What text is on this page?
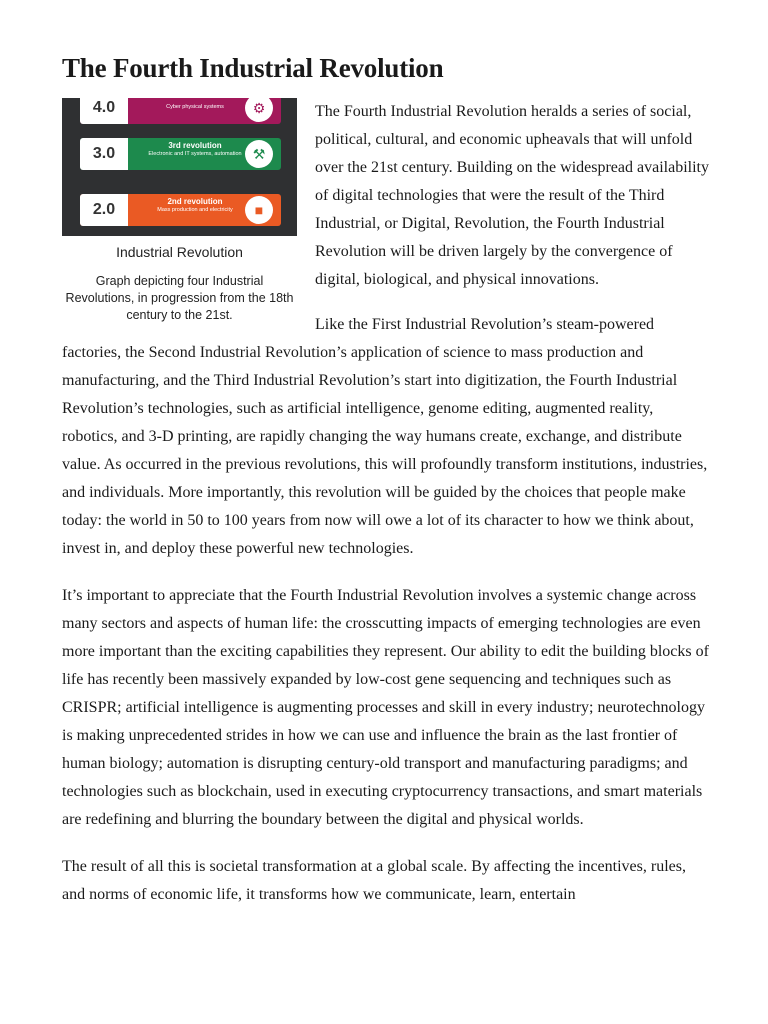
The Fourth Industrial Revolution
4.0	Cyber physical systems	⚙
3.0	3rd revolution
Electronic and IT systems, automation ⚒
2.0	2nd revolution
Mass production and electricity	■
Industrial Revolution
Graph depicting four Industrial Revolutions, in progression from the 18th century to the 21st.

The Fourth Industrial Revolution heralds a series of social, political, cultural, and economic upheavals that will unfold over the 21st century. Building on the widespread availability of digital technologies that were the result of the Third Industrial, or Digital, Revolution, the Fourth Industrial Revolution will be driven largely by the convergence of digital, biological, and physical innovations.

Like the First Industrial Revolution’s steam-powered factories, the Second Industrial Revolution’s application of science to mass production and manufacturing, and the Third Industrial Revolution’s start into digitization, the Fourth Industrial Revolution’s technologies, such as artificial intelligence, genome editing, augmented reality, robotics, and 3-D printing, are rapidly changing the way humans create, exchange, and distribute value. As occurred in the previous revolutions, this will profoundly transform institutions, industries, and individuals. More importantly, this revolution will be guided by the choices that people make today: the world in 50 to 100 years from now will owe a lot of its character to how we think about, invest in, and deploy these powerful new technologies.

It’s important to appreciate that the Fourth Industrial Revolution involves a systemic change across many sectors and aspects of human life: the crosscutting impacts of emerging technologies are even more important than the exciting capabilities they represent. Our ability to edit the building blocks of life has recently been massively expanded by low-cost gene sequencing and techniques such as CRISPR; artificial intelligence is augmenting processes and skill in every industry; neurotechnology is making unprecedented strides in how we can use and influence the brain as the last frontier of human biology; automation is disrupting century-old transport and manufacturing paradigms; and technologies such as blockchain, used in executing cryptocurrency transactions, and smart materials are redefining and blurring the boundary between the digital and physical worlds.

The result of all this is societal transformation at a global scale. By affecting the incentives, rules, and norms of economic life, it transforms how we communicate, learn, entertain
